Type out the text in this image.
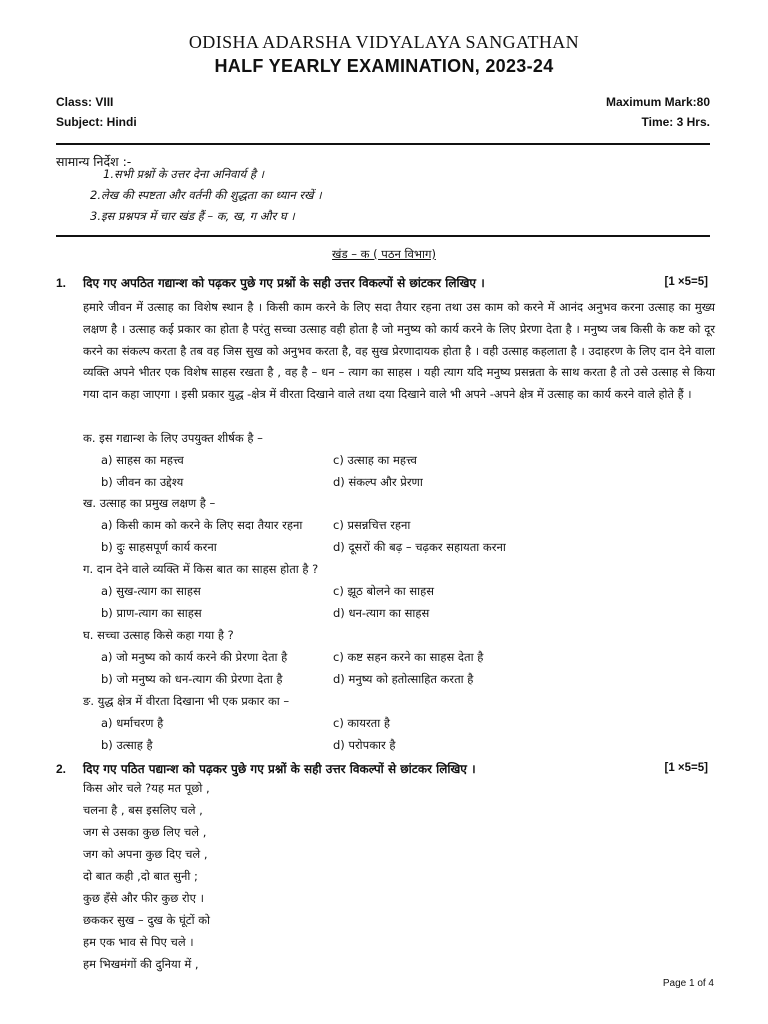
ODISHA ADARSHA VIDYALAYA SANGATHAN
HALF YEARLY EXAMINATION, 2023-24
Class: VIII
Subject: Hindi
Maximum Mark:80
Time: 3 Hrs.
सामान्य निर्देश :-
1.सभी प्रश्नों के उत्तर देना अनिवार्य है ।
2.लेख की स्पष्टता और वर्तनी की शुद्धता का ध्यान रखें ।
3.इस प्रश्नपत्र में चार खंड हैं – क, ख, ग और घ ।
खंड – क ( पठन विभाग)
1. दिए गए अपठित गद्यान्श को पढ़कर पुछे गए प्रश्नों के सही उत्तर विकल्पों से छांटकर लिखिए ।	[1 ×5=5]
हमारे जीवन में उत्साह का विशेष स्थान है । किसी काम करने के लिए सदा तैयार रहना तथा उस काम को करने में आनंद अनुभव करना उत्साह का मुख्य लक्षण है । उत्साह कई प्रकार का होता है परंतु सच्चा उत्साह वही होता है जो मनुष्य को कार्य करने के लिए प्रेरणा देता है । मनुष्य जब किसी के कष्ट को दूर करने का संकल्प करता है तब वह जिस सुख को अनुभव करता है, वह सुख प्रेरणादायक होता है । वही उत्साह कहलाता है । उदाहरण के लिए दान देने वाला व्यक्ति अपने भीतर एक विशेष साहस रखता है , वह है – धन – त्याग का साहस । यही त्याग यदि मनुष्य प्रसन्नता के साथ करता है तो उसे उत्साह से किया गया दान कहा जाएगा । इसी प्रकार युद्ध -क्षेत्र में वीरता दिखाने वाले तथा दया दिखाने वाले भी अपने -अपने क्षेत्र में उत्साह का कार्य करने वाले होते हैं ।
क. इस गद्यान्श के लिए उपयुक्त शीर्षक है –
a) साहस का महत्त्व
b) जीवन का उद्देश्य
c) उत्साह का महत्त्व
d) संकल्प और प्रेरणा
ख. उत्साह का प्रमुख लक्षण है –
a) किसी काम को करने के लिए सदा तैयार रहना
b) दुः साहसपूर्ण कार्य करना
c) प्रसन्नचित्त रहना
d) दूसरों की बढ़ – चढ़कर सहायता करना
ग. दान देने वाले व्यक्ति में किस बात का साहस होता है ?
a) सुख-त्याग का साहस
b) प्राण-त्याग का साहस
c) झूठ बोलने का साहस
d) धन-त्याग का साहस
घ. सच्चा उत्साह किसे कहा गया है ?
a) जो मनुष्य को कार्य करने की प्रेरणा देता है
b) जो मनुष्य को धन-त्याग की प्रेरणा देता है
c) कष्ट सहन करने का साहस देता है
d) मनुष्य को हतोत्साहित करता है
ङ. युद्ध क्षेत्र में वीरता दिखाना भी एक प्रकार का –
a) धर्माचरण है
b) उत्साह है
c) कायरता है
d) परोपकार है
2. दिए गए पठित पद्यान्श को पढ़कर पुछे गए प्रश्नों के सही उत्तर विकल्पों से छांटकर लिखिए ।	[1 ×5=5]
किस ओर चले ?यह मत पूछो ,
चलना है , बस इसलिए चले ,
जग से उसका कुछ लिए चले ,
जग को अपना कुछ दिए चले ,
दो बात कही ,दो बात सुनी ;
कुछ हँसे और फीर कुछ रोए ।
छककर सुख – दुख के घूंटों को
हम एक भाव से पिए चले ।
हम भिखमंगों की दुनिया में ,
Page 1 of 4
